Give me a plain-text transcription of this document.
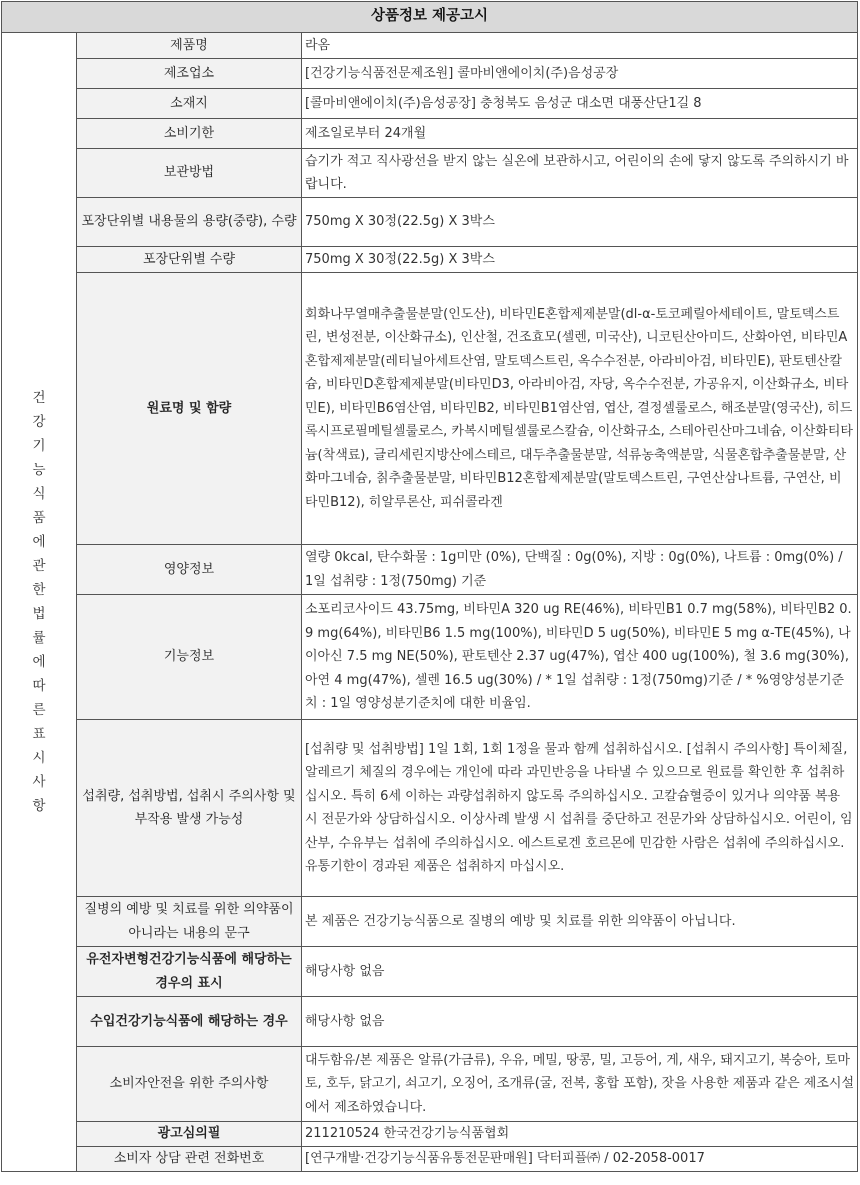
상품정보 제공고시		
건강기능식품에관한법률에따른표시사항	제품명	라옴
	제조업소	[건강기능식품전문제조원] 콜마비앤에이치(주)음성공장
	소재지	[콜마비앤에이치(주)음성공장] 충청북도 음성군 대소면 대풍산단1길 8
	소비기한	제조일로부터 24개월
	보관방법	습기가 적고 직사광선을 받지 않는 실온에 보관하시고, 어린이의 손에 닿지 않도록 주의하시기 바랍니다.
	포장단위별 내용물의 용량(중량), 수량	750mg X 30정(22.5g) X 3박스
	포장단위별 수량	750mg X 30정(22.5g) X 3박스
	원료명 및 함량	회화나무열매추출물분말(인도산), 비타민E혼합제제분말(dl-α-토코페릴아세테이트, 말토덱스트린, 변성전분, 이산화규소), 인산철, 건조효모(셀렌, 미국산), 니코틴산아미드, 산화아연, 비타민A혼합제제분말(레티닐아세트산염, 말토덱스트린, 옥수수전분, 아라비아검, 비타민E), 판토텐산칼슘, 비타민D혼합제제분말(비타민D3, 아라비아검, 자당, 옥수수전분, 가공유지, 이산화규소, 비타민E), 비타민B6염산염, 비타민B2, 비타민B1염산염, 엽산, 결정셀룰로스, 해조분말(영국산), 히드록시프로필메틸셀룰로스, 카복시메틸셀룰로스칼슘, 이산화규소, 스테아린산마그네슘, 이산화티타늄(착색료), 글리세린지방산에스테르, 대두추출물분말, 석류농축액분말, 식물혼합추출물분말, 산화마그네슘, 칡추출물분말, 비타민B12혼합제제분말(말토덱스트린, 구연산삼나트륨, 구연산, 비타민B12), 히알루론산, 피쉬콜라겐
	영양정보	열량 0kcal, 탄수화물 : 1g미만 (0%), 단백질 : 0g(0%), 지방 : 0g(0%), 나트륨 : 0mg(0%) / 1일 섭취량 : 1정(750mg) 기준
	기능정보	소포리코사이드 43.75mg, 비타민A 320 ug RE(46%), 비타민B1 0.7 mg(58%), 비타민B2 0.9 mg(64%), 비타민B6 1.5 mg(100%), 비타민D 5 ug(50%), 비타민E 5 mg α-TE(45%), 나이아신 7.5 mg NE(50%), 판토텐산 2.37 ug(47%), 엽산 400 ug(100%), 철 3.6 mg(30%), 아연 4 mg(47%), 셀렌 16.5 ug(30%) / * 1일 섭취량 : 1정(750mg)기준 / * %영양성분기준치 : 1일 영양성분기준치에 대한 비율임.
	섭취량, 섭취방법, 섭취시 주의사항 및 부작용 발생 가능성	[섭취량 및 섭취방법] 1일 1회, 1회 1정을 물과 함께 섭취하십시오. [섭취시 주의사항] 특이체질, 알레르기 체질의 경우에는 개인에 따라 과민반응을 나타낼 수 있으므로 원료를 확인한 후 섭취하십시오. 특히 6세 이하는 과량섭취하지 않도록 주의하십시오. 고칼슘혈증이 있거나 의약품 복용 시 전문가와 상담하십시오. 이상사례 발생 시 섭취를 중단하고 전문가와 상담하십시오. 어린이, 임산부, 수유부는 섭취에 주의하십시오. 에스트로겐 호르몬에 민감한 사람은 섭취에 주의하십시오. 유통기한이 경과된 제품은 섭취하지 마십시오.
	질병의 예방 및 치료를 위한 의약품이 아니라는 내용의 문구	본 제품은 건강기능식품으로 질병의 예방 및 치료를 위한 의약품이 아닙니다.
	유전자변형건강기능식품에 해당하는 경우의 표시	해당사항 없음
	수입건강기능식품에 해당하는 경우	해당사항 없음
	소비자안전을 위한 주의사항	대두함유/본 제품은 알류(가금류), 우유, 메밀, 땅콩, 밀, 고등어, 게, 새우, 돼지고기, 복숭아, 토마토, 호두, 닭고기, 쇠고기, 오징어, 조개류(굴, 전복, 홍합 포함), 잣을 사용한 제품과 같은 제조시설에서 제조하였습니다.
	광고심의필	211210524 한국건강기능식품협회
	소비자 상담 관련 전화번호	[연구개발·건강기능식품유통전문판매원] 닥터피플㈜ / 02-2058-0017
